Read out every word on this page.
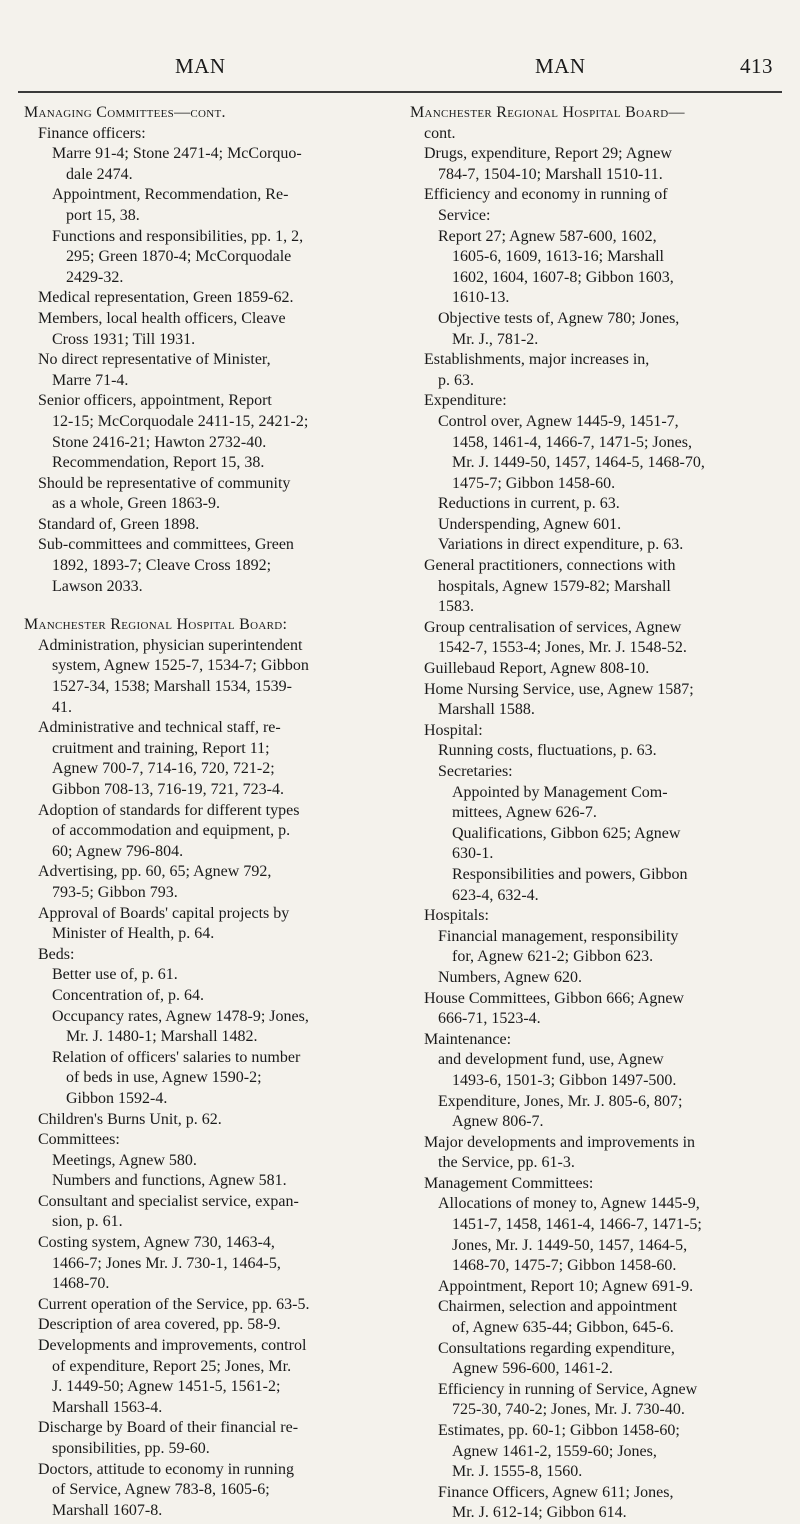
MAN	MAN	413
Managing Committees—cont.
Finance officers:
Marre 91-4; Stone 2471-4; McCorquo-
dale 2474.
Appointment, Recommendation, Re-
port 15, 38.
Functions and responsibilities, pp. 1, 2,
295; Green 1870-4; McCorquodale
2429-32.
Medical representation, Green 1859-62.
Members, local health officers, Cleave
Cross 1931; Till 1931.
No direct representative of Minister,
Marre 71-4.
Senior officers, appointment, Report
12-15; McCorquodale 2411-15, 2421-2;
Stone 2416-21; Hawton 2732-40.
Recommendation, Report 15, 38.
Should be representative of community
as a whole, Green 1863-9.
Standard of, Green 1898.
Sub-committees and committees, Green
1892, 1893-7; Cleave Cross 1892;
Lawson 2033.
Manchester Regional Hospital Board:
Administration, physician superintendent
system, Agnew 1525-7, 1534-7; Gibbon
1527-34, 1538; Marshall 1534, 1539-
41.
Administrative and technical staff, re-
cruitment and training, Report 11;
Agnew 700-7, 714-16, 720, 721-2;
Gibbon 708-13, 716-19, 721, 723-4.
Adoption of standards for different types
of accommodation and equipment, p.
60; Agnew 796-804.
Advertising, pp. 60, 65; Agnew 792,
793-5; Gibbon 793.
Approval of Boards' capital projects by
Minister of Health, p. 64.
Beds:
Better use of, p. 61.
Concentration of, p. 64.
Occupancy rates, Agnew 1478-9; Jones,
Mr. J. 1480-1; Marshall 1482.
Relation of officers' salaries to number
of beds in use, Agnew 1590-2;
Gibbon 1592-4.
Children's Burns Unit, p. 62.
Committees:
Meetings, Agnew 580.
Numbers and functions, Agnew 581.
Consultant and specialist service, expan-
sion, p. 61.
Costing system, Agnew 730, 1463-4,
1466-7; Jones Mr. J. 730-1, 1464-5,
1468-70.
Current operation of the Service, pp. 63-5.
Description of area covered, pp. 58-9.
Developments and improvements, control
of expenditure, Report 25; Jones, Mr.
J. 1449-50; Agnew 1451-5, 1561-2;
Marshall 1563-4.
Discharge by Board of their financial re-
sponsibilities, pp. 59-60.
Doctors, attitude to economy in running
of Service, Agnew 783-8, 1605-6;
Marshall 1607-8.
Manchester Regional Hospital Board—
cont.
Drugs, expenditure, Report 29; Agnew
784-7, 1504-10; Marshall 1510-11.
Efficiency and economy in running of
Service:
Report 27; Agnew 587-600, 1602,
1605-6, 1609, 1613-16; Marshall
1602, 1604, 1607-8; Gibbon 1603,
1610-13.
Objective tests of, Agnew 780; Jones,
Mr. J., 781-2.
Establishments, major increases in,
p. 63.
Expenditure:
Control over, Agnew 1445-9, 1451-7,
1458, 1461-4, 1466-7, 1471-5; Jones,
Mr. J. 1449-50, 1457, 1464-5, 1468-70,
1475-7; Gibbon 1458-60.
Reductions in current, p. 63.
Underspending, Agnew 601.
Variations in direct expenditure, p. 63.
General practitioners, connections with
hospitals, Agnew 1579-82; Marshall
1583.
Group centralisation of services, Agnew
1542-7, 1553-4; Jones, Mr. J. 1548-52.
Guillebaud Report, Agnew 808-10.
Home Nursing Service, use, Agnew 1587;
Marshall 1588.
Hospital:
Running costs, fluctuations, p. 63.
Secretaries:
Appointed by Management Com-
mittees, Agnew 626-7.
Qualifications, Gibbon 625; Agnew
630-1.
Responsibilities and powers, Gibbon
623-4, 632-4.
Hospitals:
Financial management, responsibility
for, Agnew 621-2; Gibbon 623.
Numbers, Agnew 620.
House Committees, Gibbon 666; Agnew
666-71, 1523-4.
Maintenance:
and development fund, use, Agnew
1493-6, 1501-3; Gibbon 1497-500.
Expenditure, Jones, Mr. J. 805-6, 807;
Agnew 806-7.
Major developments and improvements in
the Service, pp. 61-3.
Management Committees:
Allocations of money to, Agnew 1445-9,
1451-7, 1458, 1461-4, 1466-7, 1471-5;
Jones, Mr. J. 1449-50, 1457, 1464-5,
1468-70, 1475-7; Gibbon 1458-60.
Appointment, Report 10; Agnew 691-9.
Chairmen, selection and appointment
of, Agnew 635-44; Gibbon, 645-6.
Consultations regarding expenditure,
Agnew 596-600, 1461-2.
Efficiency in running of Service, Agnew
725-30, 740-2; Jones, Mr. J. 730-40.
Estimates, pp. 60-1; Gibbon 1458-60;
Agnew 1461-2, 1559-60; Jones,
Mr. J. 1555-8, 1560.
Finance Officers, Agnew 611; Jones,
Mr. J. 612-14; Gibbon 614.
